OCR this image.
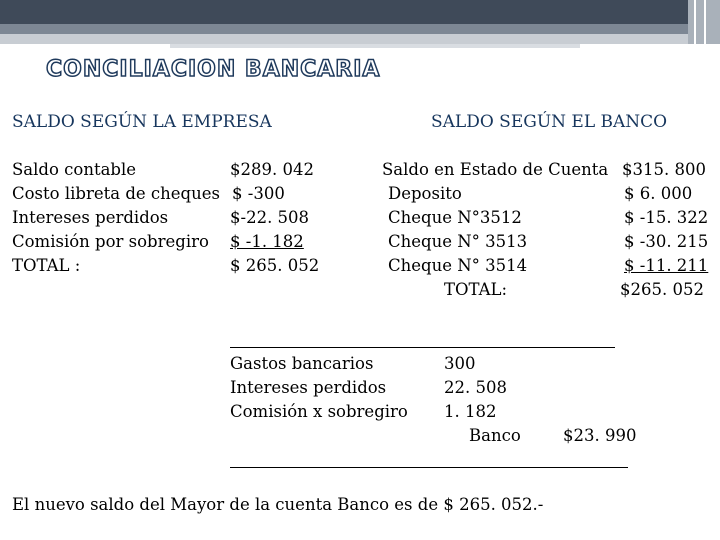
CONCILIACION BANCARIA
SALDO SEGÚN LA EMPRESA	SALDO SEGÚN EL BANCO
Saldo contable	$289. 042
Costo libreta de cheques $ -300
Intereses perdidos	$-22. 508
Comisión por sobregiro $ -1. 182
TOTAL :	$ 265. 052
Saldo en Estado de Cuenta $315. 800
Deposito	$ 6. 000
Cheque N°3512	$ -15. 322
Cheque N° 3513	$ -30. 215
Cheque N° 3514	$ -11. 211
TOTAL:	$265. 052
Gastos bancarios	300
Intereses perdidos	22. 508
Comisión x sobregiro 1. 182
Banco	$23. 990
El nuevo saldo del Mayor de la cuenta Banco es de $ 265. 052.-
